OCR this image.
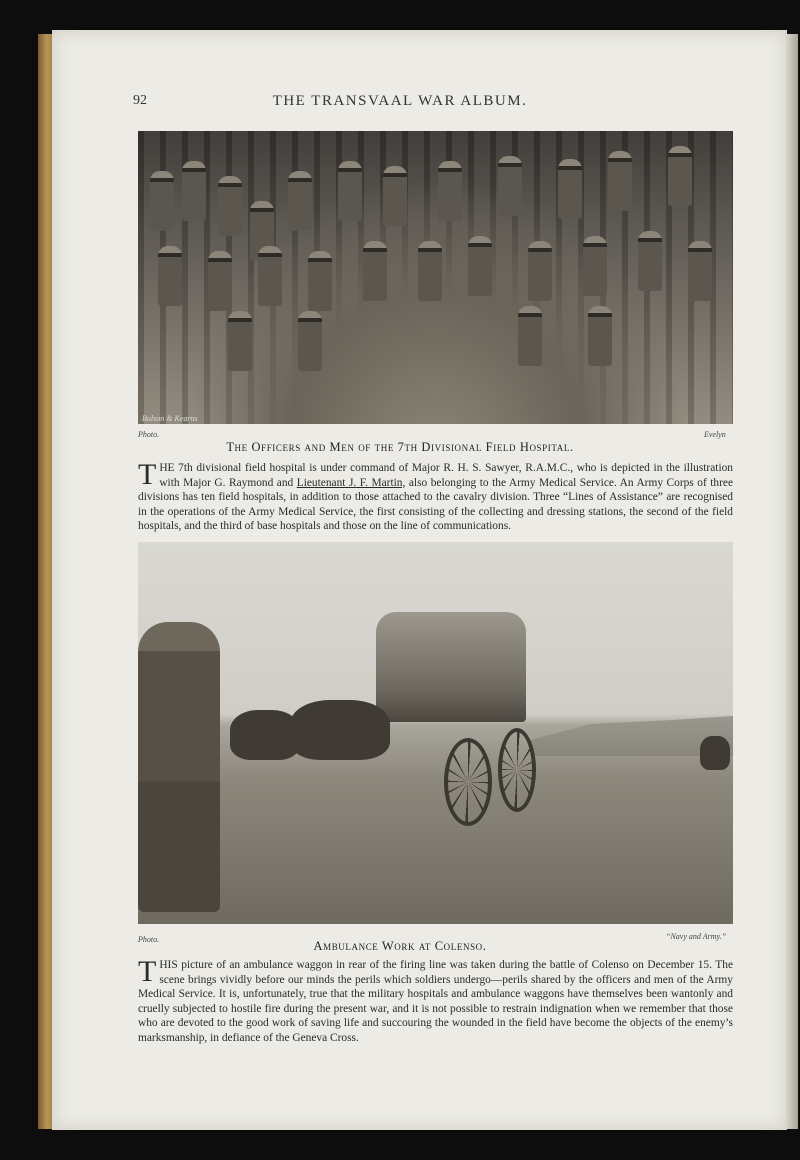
92	THE TRANSVAAL WAR ALBUM.
Bulson & Kearns
Photo.	Evelyn
The Officers and Men of the 7th Divisional Field Hospital.
THE 7th divisional field hospital is under command of Major R. H. S. Sawyer, R.A.M.C., who is depicted in the illustration with Major G. Raymond and Lieutenant J. F. Martin, also belonging to the Army Medical Service. An Army Corps of three divisions has ten field hospitals, in addition to those attached to the cavalry division. Three “Lines of Assistance” are recognised in the operations of the Army Medical Service, the first consisting of the collecting and dressing stations, the second of the field hospitals, and the third of base hospitals and those on the line of communications.
Photo.	“Navy and Army.”
Ambulance Work at Colenso.
THIS picture of an ambulance waggon in rear of the firing line was taken during the battle of Colenso on December 15. The scene brings vividly before our minds the perils which soldiers undergo—perils shared by the officers and men of the Army Medical Service. It is, unfortunately, true that the military hospitals and ambulance waggons have themselves been wantonly and cruelly subjected to hostile fire during the present war, and it is not possible to restrain indignation when we remember that those who are devoted to the good work of saving life and succouring the wounded in the field have become the objects of the enemy’s marksmanship, in defiance of the Geneva Cross.
